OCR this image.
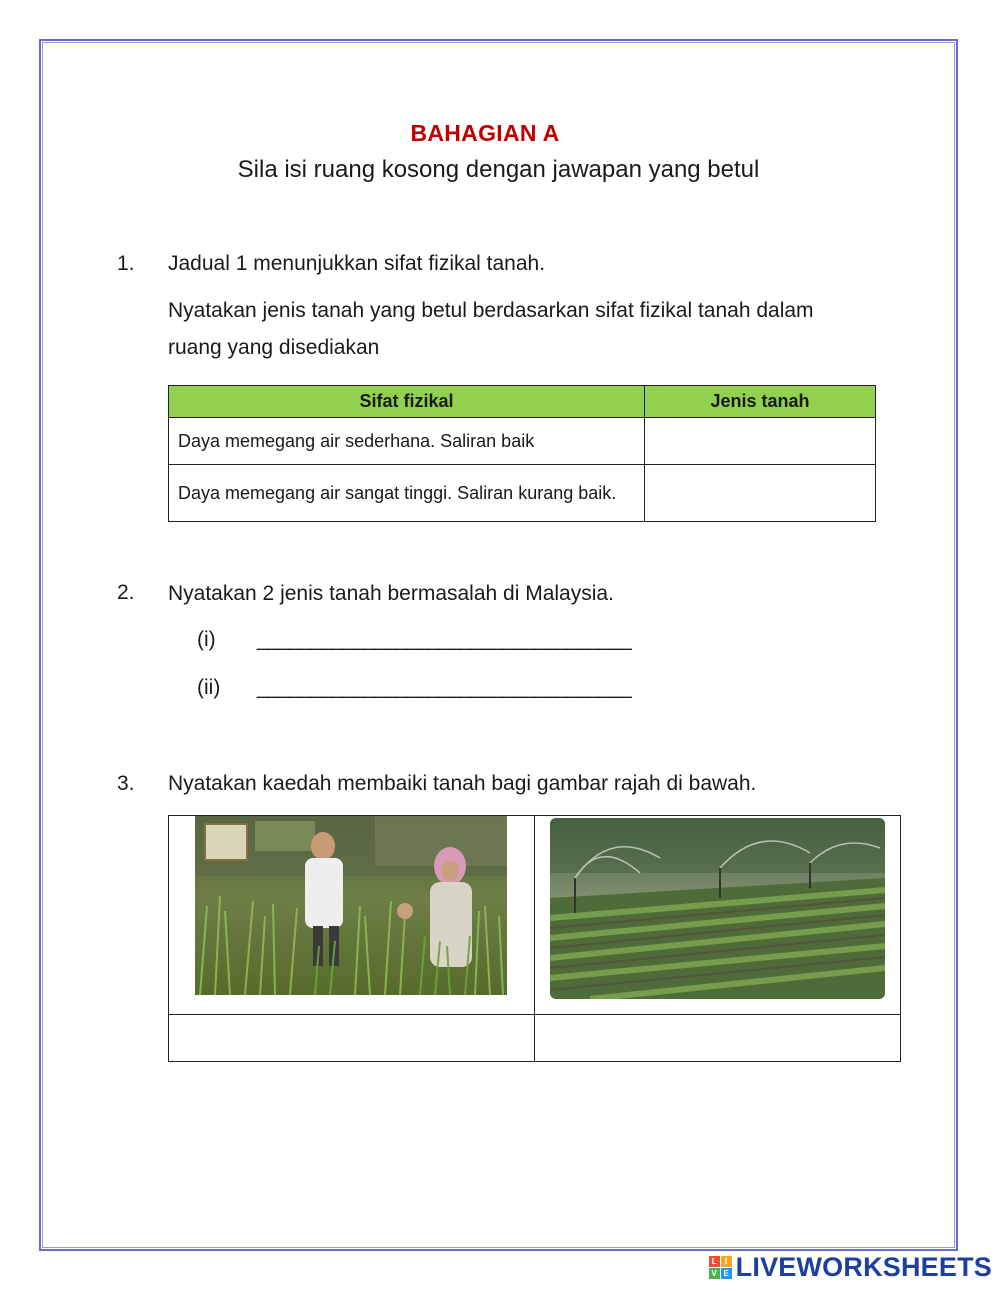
BAHAGIAN A
Sila isi ruang kosong dengan jawapan yang betul
1. Jadual 1 menunjukkan sifat fizikal tanah.
Nyatakan jenis tanah yang betul berdasarkan sifat fizikal tanah dalam
ruang yang disediakan
Sifat fizikal	Jenis tanah
Daya memegang air sederhana. Saliran baik	
Daya memegang air sangat tinggi. Saliran kurang baik.	
2. Nyatakan 2 jenis tanah bermasalah di Malaysia.
(i) ___________________________________
(ii) ___________________________________
3. Nyatakan kaedah membaiki tanah bagi gambar rajah di bawah.

L	I
V E LIVEWORKSHEETS
